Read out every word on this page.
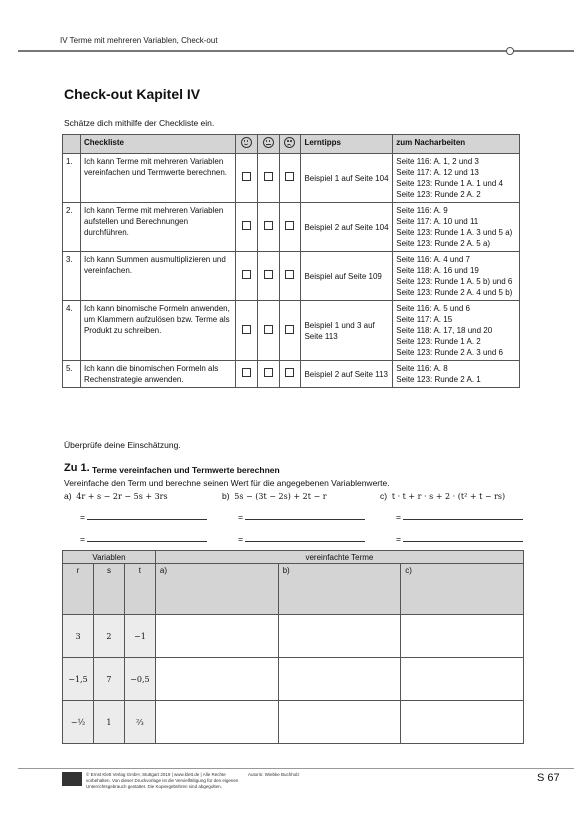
IV Terme mit mehreren Variablen, Check-out
Check-out Kapitel IV
Schätze dich mithilfe der Checkliste ein.
	Checkliste				Lerntipps	zum Nacharbeiten
1.	Ich kann Terme mit mehreren Variablen vereinfachen und Termwerte berechnen.				Beispiel 1 auf Seite 104	Seite 116: A. 1, 2 und 3
Seite 117: A. 12 und 13
Seite 123: Runde 1 A. 1 und 4
Seite 123: Runde 2 A. 2

2.	Ich kann Terme mit mehreren Variablen aufstellen und Berechnungen durchführen.				Beispiel 2 auf Seite 104	Seite 116: A. 9
Seite 117: A. 10 und 11
Seite 123: Runde 1 A. 3 und 5 a)
Seite 123: Runde 2 A. 5 a)

3.	Ich kann Summen ausmultiplizieren und vereinfachen.				Beispiel auf Seite 109	Seite 116: A. 4 und 7
Seite 118: A. 16 und 19
Seite 123: Runde 1 A. 5 b) und 6
Seite 123: Runde 2 A. 4 und 5 b)

4.	Ich kann binomische Formeln anwenden, um Klammern aufzulösen bzw. Terme als Produkt zu schreiben.				Beispiel 1 und 3 auf Seite 113	Seite 116: A. 5 und 6
Seite 117: A. 15
Seite 118: A. 17, 18 und 20
Seite 123: Runde 1 A. 2
Seite 123: Runde 2 A. 3 und 6

5.	Ich kann die binomischen Formeln als Rechenstrategie anwenden.				Beispiel 2 auf Seite 113	Seite 116: A. 8
Seite 123: Runde 2 A. 1
Überprüfe deine Einschätzung.
Zu 1. Terme vereinfachen und Termwerte berechnen
Vereinfache den Term und berechne seinen Wert für die angegebenen Variablenwerte.
a) 4r + s − 2r − 5s + 3rs	b) 5s − (3t − 2s) + 2t − r	c) t · t + r · s + 2 · (t² + t − rs)
=	=	=
=	=	=
Variablen			vereinfachte Terme		
r	s	t	a)	b)	c)
3	2	−1			
−1,5	7	−0,5			
−½	1	⅔			
© Ernst Klett Verlag GmbH, Stuttgart 2019 | www.klett.de | Alle Rechte vorbehalten. Von dieser Druckvorlage ist die Vervielfältigung für den eigenen Unterrichtsgebrauch gestattet. Die Kopiergebühren sind abgegolten.
Autorin: Wiebke Buchholz	S 67
